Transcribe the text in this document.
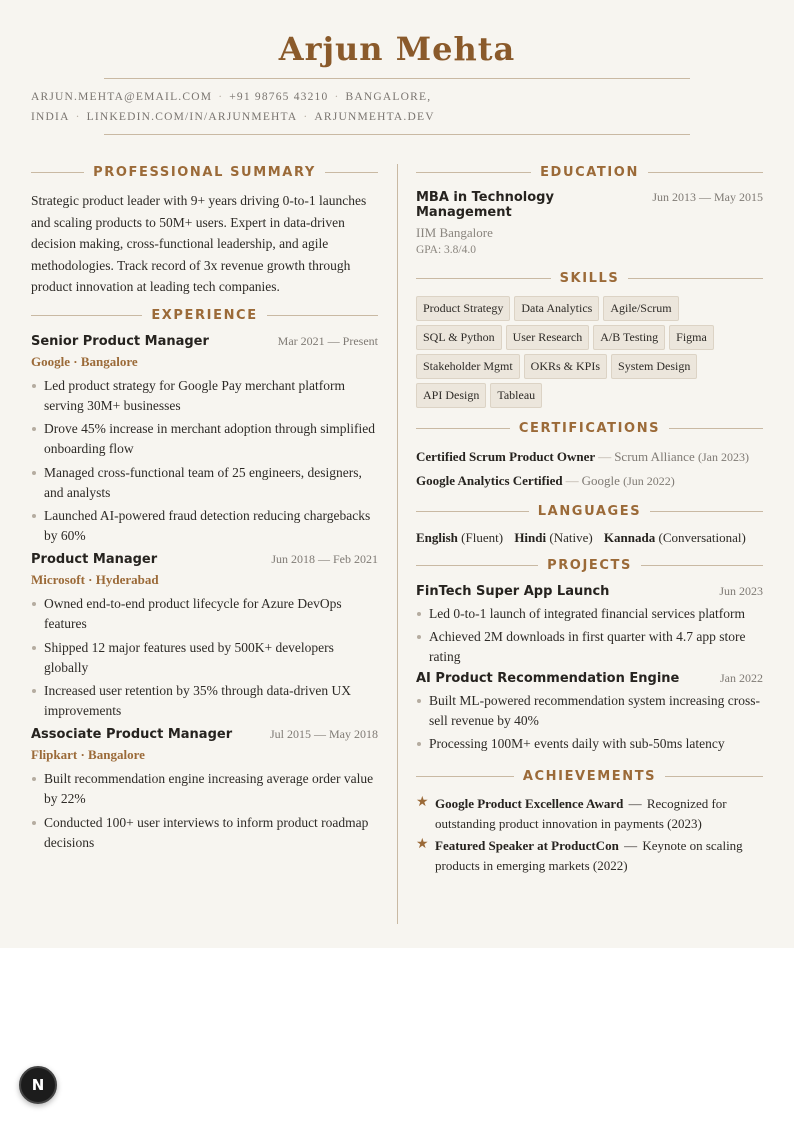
Arjun Mehta
ARJUN.MEHTA@EMAIL.COM · +91 98765 43210 · BANGALORE, INDIA · LINKEDIN.COM/IN/ARJUNMEHTA · ARJUNMEHTA.DEV
PROFESSIONAL SUMMARY

Strategic product leader with 9+ years driving 0-to-1 launches and scaling products to 50M+ users. Expert in data-driven decision making, cross-functional leadership, and agile methodologies. Track record of 3x revenue growth through product innovation at leading tech companies.

EXPERIENCE
Senior Product Manager	Mar 2021 — Present
Google · Bangalore
Led product strategy for Google Pay merchant platform serving 30M+ businesses
Drove 45% increase in merchant adoption through simplified onboarding flow
Managed cross-functional team of 25 engineers, designers, and analysts
Launched AI-powered fraud detection reducing chargebacks by 60%
Product Manager	Jun 2018 — Feb 2021
Microsoft · Hyderabad
Owned end-to-end product lifecycle for Azure DevOps features
Shipped 12 major features used by 500K+ developers globally
Increased user retention by 35% through data-driven UX improvements
Associate Product Manager	Jul 2015 — May 2018
Flipkart · Bangalore
Built recommendation engine increasing average order value by 22%
Conducted 100+ user interviews to inform product roadmap decisions
EDUCATION
MBA in Technology Management
Jun 2013 — May 2015
IIM Bangalore
GPA: 3.8/4.0
SKILLS
Product Strategy	Data Analytics	Agile/Scrum
SQL & Python	User Research	A/B Testing	Figma
Stakeholder Mgmt	OKRs & KPIs	System Design
API Design	Tableau
CERTIFICATIONS
Certified Scrum Product Owner — Scrum Alliance (Jan 2023)
Google Analytics Certified — Google (Jun 2022)
LANGUAGES
English (Fluent) Hindi (Native) Kannada (Conversational)
PROJECTS
FinTech Super App Launch	Jun 2023
Led 0-to-1 launch of integrated financial services platform
Achieved 2M downloads in first quarter with 4.7 app store rating
AI Product Recommendation Engine	Jan 2022
Built ML-powered recommendation system increasing cross-sell revenue by 40%
Processing 100M+ events daily with sub-50ms latency
ACHIEVEMENTS
★ Google Product Excellence Award — Recognized for outstanding product innovation in payments (2023)
★ Featured Speaker at ProductCon — Keynote on scaling products in emerging markets (2022)
N
